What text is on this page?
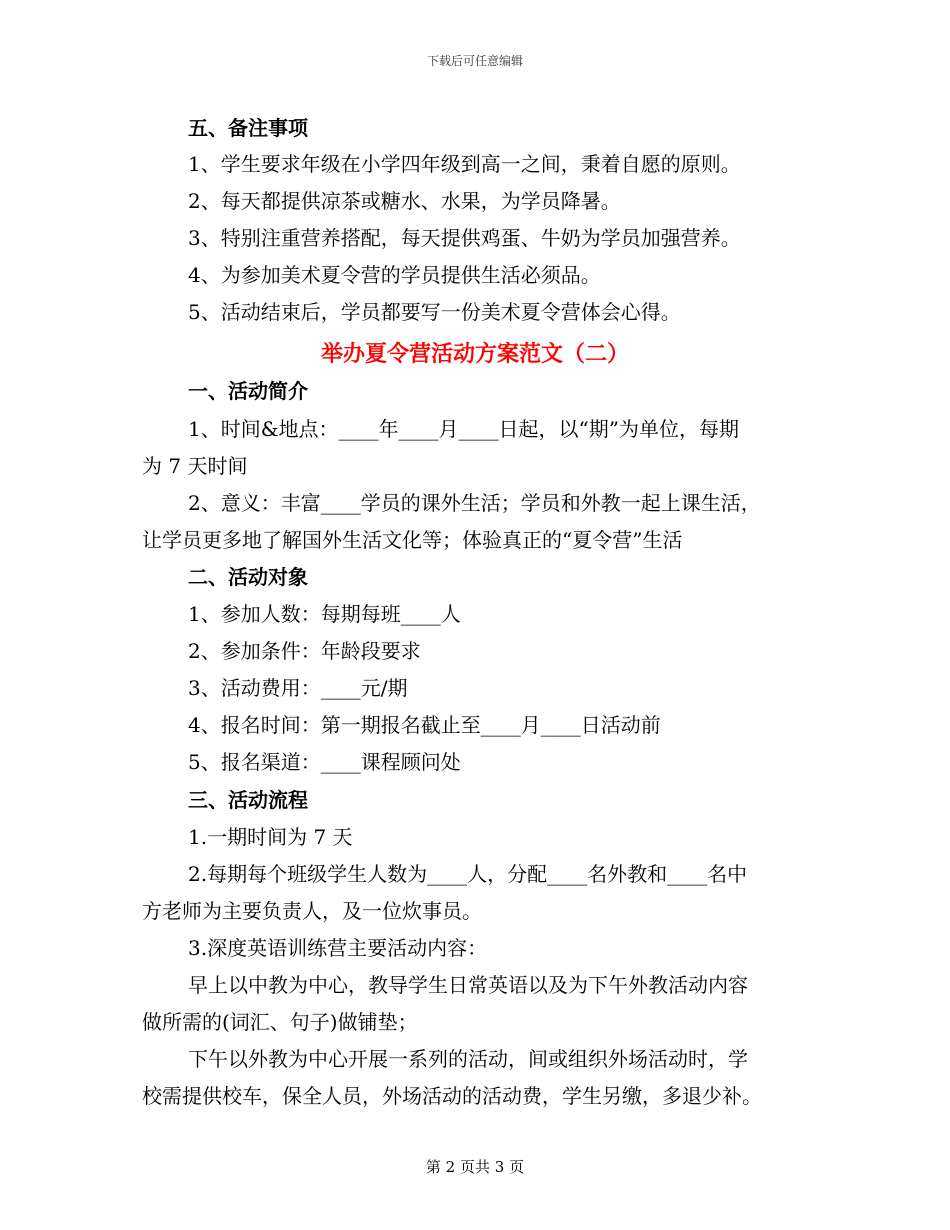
下载后可任意编辑
五、备注事项
1、学生要求年级在小学四年级到高一之间，秉着自愿的原则。
2、每天都提供凉茶或糖水、水果，为学员降暑。
3、特别注重营养搭配，每天提供鸡蛋、牛奶为学员加强营养。
4、为参加美术夏令营的学员提供生活必须品。
5、活动结束后，学员都要写一份美术夏令营体会心得。
举办夏令营活动方案范文（二）
一、活动简介
1、时间&地点：____年____月____日起，以“期”为单位，每期
为 7 天时间
2、意义：丰富____学员的课外生活；学员和外教一起上课生活，
让学员更多地了解国外生活文化等；体验真正的“夏令营”生活
二、活动对象
1、参加人数：每期每班____人
2、参加条件：年龄段要求
3、活动费用：____元/期
4、报名时间：第一期报名截止至____月____日活动前
5、报名渠道：____课程顾问处
三、活动流程
1.一期时间为 7 天
2.每期每个班级学生人数为____人，分配____名外教和____名中
方老师为主要负责人，及一位炊事员。
3.深度英语训练营主要活动内容：
早上以中教为中心，教导学生日常英语以及为下午外教活动内容
做所需的(词汇、句子)做铺垫；
下午以外教为中心开展一系列的活动，间或组织外场活动时，学
校需提供校车，保全人员，外场活动的活动费，学生另缴，多退少补。
第 2 页共 3 页
